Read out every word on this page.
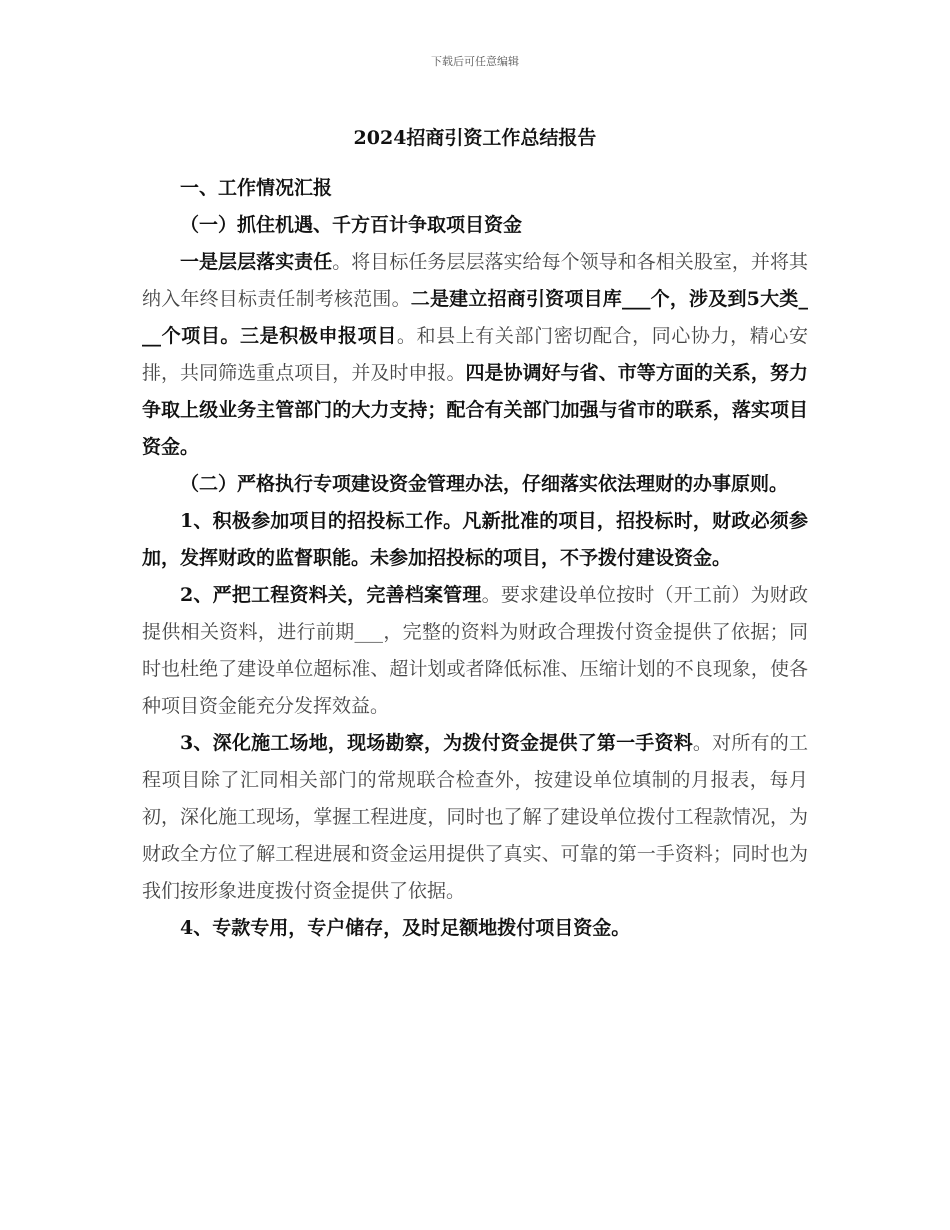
下载后可任意编辑
2024招商引资工作总结报告

一、工作情况汇报

（一）抓住机遇、千方百计争取项目资金

一是层层落实责任。将目标任务层层落实给每个领导和各相关股室，并将其纳入年终目标责任制考核范围。二是建立招商引资项目库___个，涉及到5大类___个项目。三是积极申报项目。和县上有关部门密切配合，同心协力，精心安排，共同筛选重点项目，并及时申报。四是协调好与省、市等方面的关系，努力争取上级业务主管部门的大力支持；配合有关部门加强与省市的联系，落实项目资金。

（二）严格执行专项建设资金管理办法，仔细落实依法理财的办事原则。

1、积极参加项目的招投标工作。凡新批准的项目，招投标时，财政必须参加，发挥财政的监督职能。未参加招投标的项目，不予拨付建设资金。

2、严把工程资料关，完善档案管理。要求建设单位按时（开工前）为财政提供相关资料，进行前期___，完整的资料为财政合理拨付资金提供了依据；同时也杜绝了建设单位超标准、超计划或者降低标准、压缩计划的不良现象，使各种项目资金能充分发挥效益。

3、深化施工场地，现场勘察，为拨付资金提供了第一手资料。对所有的工程项目除了汇同相关部门的常规联合检查外，按建设单位填制的月报表，每月初，深化施工现场，掌握工程进度，同时也了解了建设单位拨付工程款情况，为财政全方位了解工程进展和资金运用提供了真实、可靠的第一手资料；同时也为我们按形象进度拨付资金提供了依据。

4、专款专用，专户储存，及时足额地拨付项目资金。
